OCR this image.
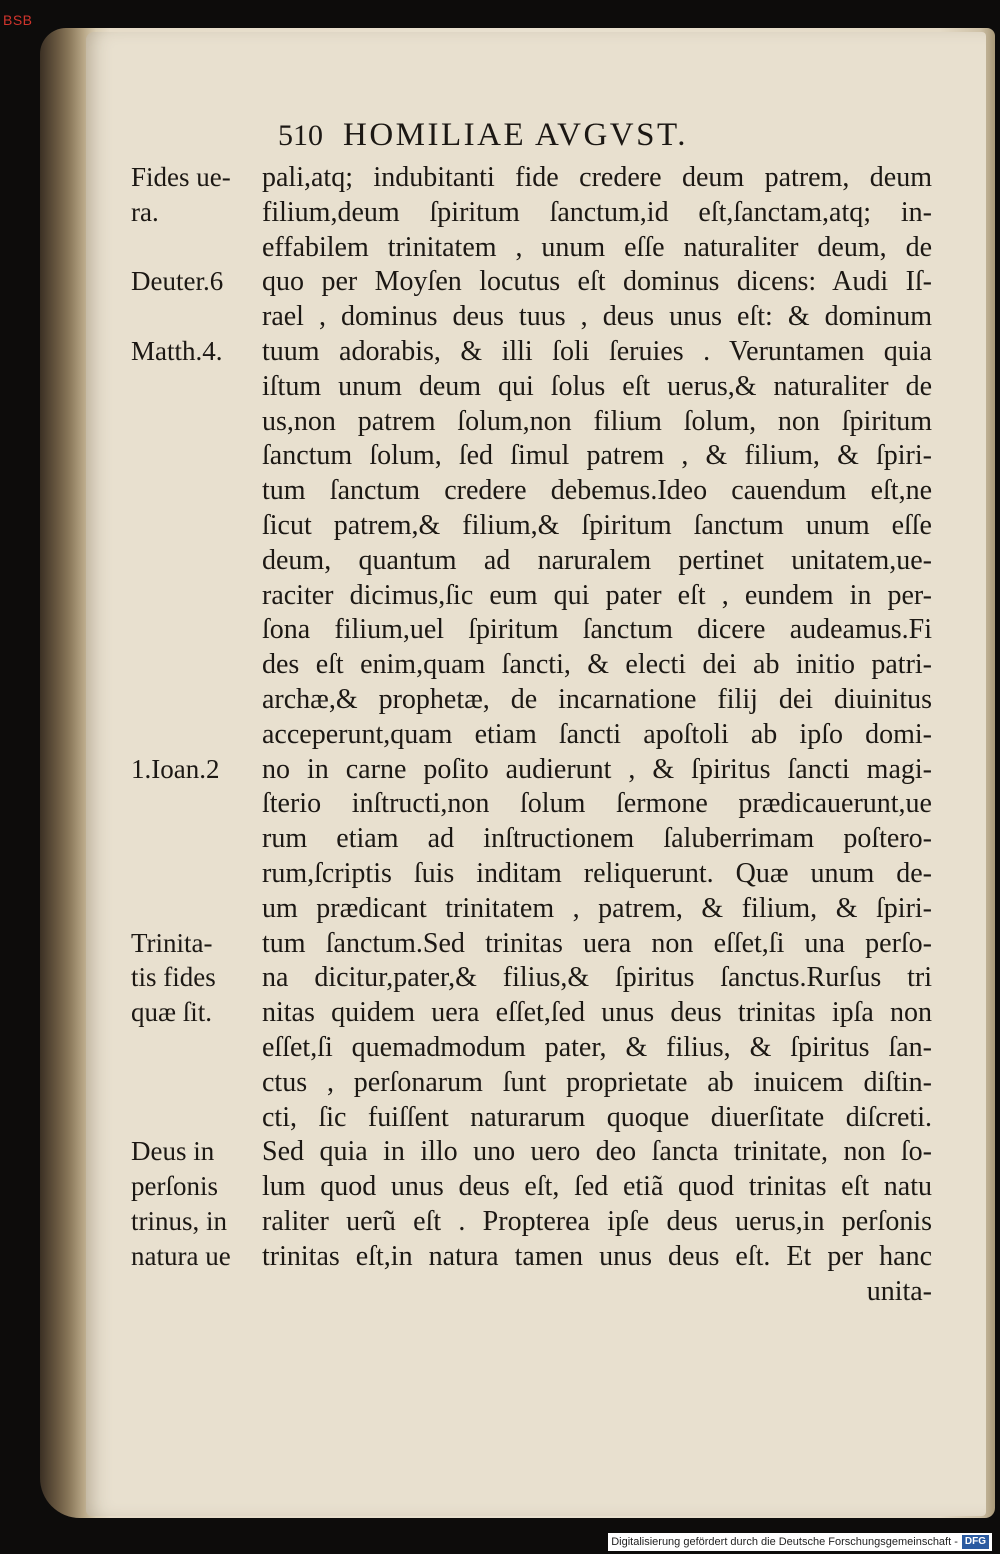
BSB
510 HOMILIAE AVGVST.
pali,atq; indubitanti fide credere deum patrem, deum
filium,deum ſpiritum ſanctum,id eſt,ſanctam,atq; in-
effabilem trinitatem , unum eſſe naturaliter deum, de
quo per Moyſen locutus eſt dominus dicens: Audi Iſ-
rael , dominus deus tuus , deus unus eſt: & dominum
tuum adorabis, & illi ſoli ſeruies . Veruntamen quia
iſtum unum deum qui ſolus eſt uerus,& naturaliter de
us,non patrem ſolum,non filium ſolum, non ſpiritum
ſanctum ſolum, ſed ſimul patrem , & filium, & ſpiri-
tum ſanctum credere debemus.Ideo cauendum eſt,ne
ſicut patrem,& filium,& ſpiritum ſanctum unum eſſe
deum, quantum ad naruralem pertinet unitatem,ue-
raciter dicimus,ſic eum qui pater eſt , eundem in per-
ſona filium,uel ſpiritum ſanctum dicere audeamus.Fi
des eſt enim,quam ſancti, & electi dei ab initio patri-
archæ,& prophetæ, de incarnatione filij dei diuinitus
acceperunt,quam etiam ſancti apoſtoli ab ipſo domi-
no in carne poſito audierunt , & ſpiritus ſancti magi-
ſterio inſtructi,non ſolum ſermone prædicauerunt,ue
rum etiam ad inſtructionem ſaluberrimam poſtero-
rum,ſcriptis ſuis inditam reliquerunt. Quæ unum de-
um prædicant trinitatem , patrem, & filium, & ſpiri-
tum ſanctum.Sed trinitas uera non eſſet,ſi una perſo-
na dicitur,pater,& filius,& ſpiritus ſanctus.Rurſus tri
nitas quidem uera eſſet,ſed unus deus trinitas ipſa non
eſſet,ſi quemadmodum pater, & filius, & ſpiritus ſan-
ctus , perſonarum ſunt proprietate ab inuicem diſtin-
cti, ſic fuiſſent naturarum quoque diuerſitate diſcreti.
Sed quia in illo uno uero deo ſancta trinitate, non ſo-
lum quod unus deus eſt, ſed etiã quod trinitas eſt natu
raliter uerũ eſt . Propterea ipſe deus uerus,in perſonis
trinitas eſt,in natura tamen unus deus eſt. Et per hanc
unita-
Fides ue-
ra.
Deuter.6
Matth.4.
1.Ioan.2
Trinita-
tis fides
quæ ſit.
Deus in
perſonis
trinus, in
natura ue
Digitalisierung gefördert durch die Deutsche Forschungsgemeinschaft - DFG
